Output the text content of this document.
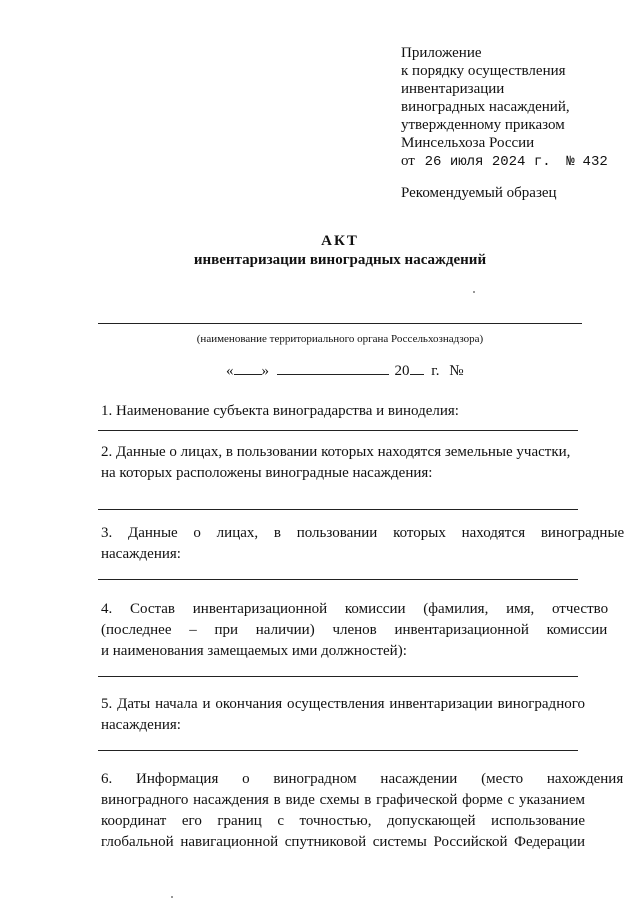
Приложение
к порядку осуществления
инвентаризации
виноградных насаждений,
утвержденному приказом
Минсельхоза России
от 26 июля 2024 г. № 432
Рекомендуемый образец
АКТ
инвентаризации виноградных насаждений
(наименование территориального органа Россельхознадзора)
« »	20 г. №
1. Наименование субъекта виноградарства и виноделия:
2. Данные о лицах, в пользовании которых находятся земельные участки,
на которых расположены виноградные насаждения:
3. Данные о лицах, в пользовании которых находятся виноградные
насаждения:
4. Состав инвентаризационной комиссии (фамилия, имя, отчество
(последнее – при наличии) членов инвентаризационной комиссии
и наименования замещаемых ими должностей):
5. Даты начала и окончания осуществления инвентаризации виноградного
насаждения:
6. Информация о виноградном насаждении (место нахождения
виноградного насаждения в виде схемы в графической форме с указанием
координат его границ с точностью, допускающей использование
глобальной навигационной спутниковой системы Российской Федерации
